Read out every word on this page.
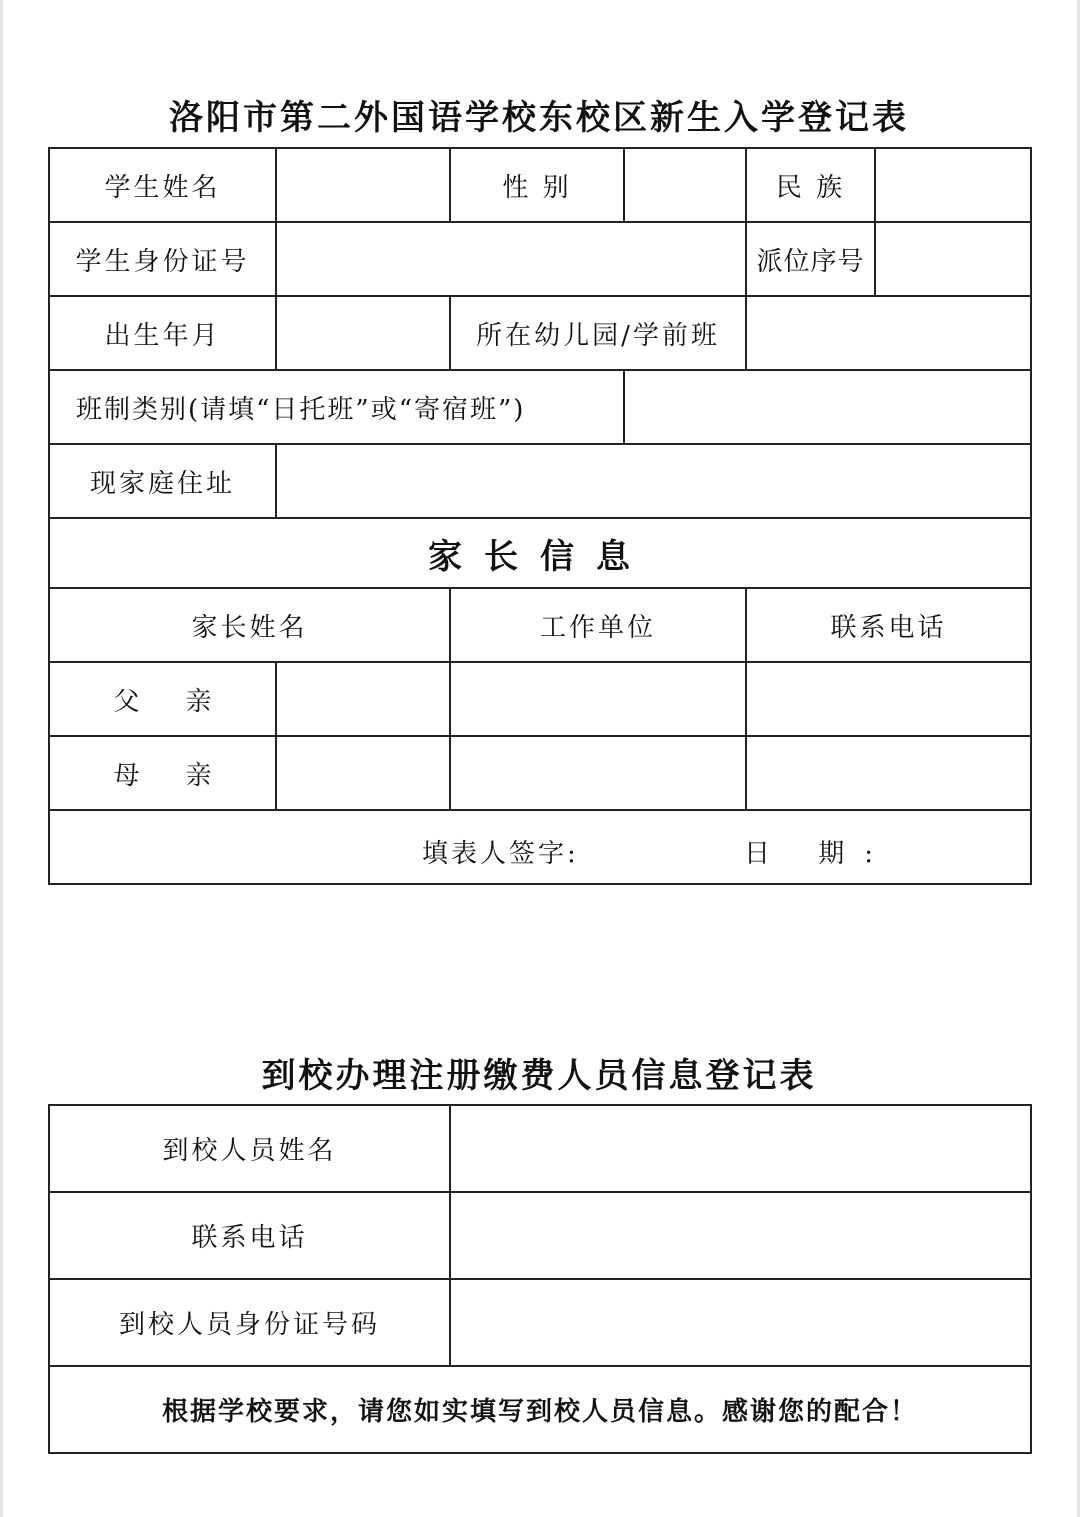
洛阳市第二外国语学校东校区新生入学登记表
学生姓名		性 别		民 族	
学生身份证号				派位序号	
出生年月		所在幼儿园/学前班			
班制类别(请填“日托班”或“寄宿班”)					
现家庭住址					
家长信息					
家长姓名		工作单位		联系电话	
父亲					
母亲					

填表人签字: 日 期:					
到校办理注册缴费人员信息登记表
到校人员姓名	
联系电话	
到校人员身份证号码	
根据学校要求，请您如实填写到校人员信息。感谢您的配合！	
